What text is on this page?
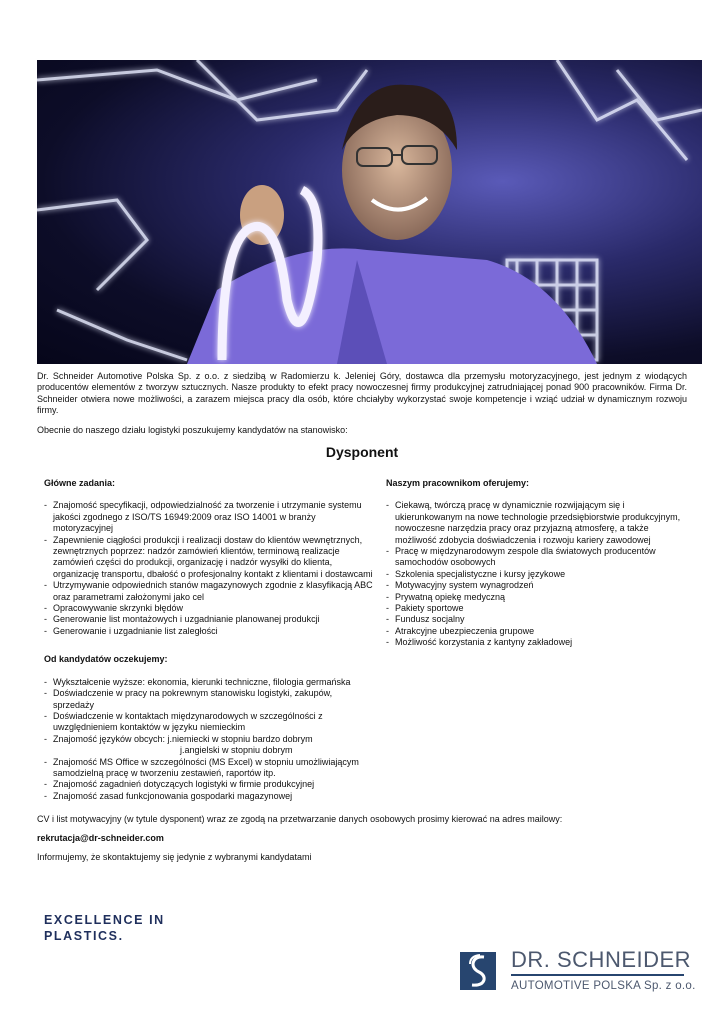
Dr. Schneider Automotive Polska Sp. z o.o. z siedzibą w Radomierzu k. Jeleniej Góry, dostawca dla przemysłu motoryzacyjnego, jest jednym z wiodących producentów elementów z tworzyw sztucznych. Nasze produkty to efekt pracy nowoczesnej firmy produkcyjnej zatrudniającej ponad 900 pracowników. Firma Dr. Schneider otwiera nowe możliwości, a zarazem miejsca pracy dla osób, które chciałyby wykorzystać swoje kompetencje i wziąć udział w dynamicznym rozwoju firmy.

Obecnie do naszego działu logistyki poszukujemy kandydatów na stanowisko:

Dysponent
Główne zadania:
- Znajomość specyfikacji, odpowiedzialność za tworzenie i utrzymanie systemu jakości zgodnego z ISO/TS 16949:2009 oraz ISO 14001 w branży motoryzacyjnej
- Zapewnienie ciągłości produkcji i realizacji dostaw do klientów wewnętrznych, zewnętrznych poprzez: nadzór zamówień klientów, terminową realizacje zamówień części do produkcji, organizację i nadzór wysyłki do klienta, organizację transportu, dbałość o profesjonalny kontakt z klientami i dostawcami
- Utrzymywanie odpowiednich stanów magazynowych zgodnie z klasyfikacją ABC oraz parametrami założonymi jako cel
- Opracowywanie skrzynki błędów
- Generowanie list montażowych i uzgadnianie planowanej produkcji
- Generowanie i uzgadnianie list zaległości
Od kandydatów oczekujemy:
- Wykształcenie wyższe: ekonomia, kierunki techniczne, filologia germańska
- Doświadczenie w pracy na pokrewnym stanowisku logistyki, zakupów, sprzedaży
- Doświadczenie w kontaktach międzynarodowych w szczególności z uwzględnieniem kontaktów w języku niemieckim
- Znajomość języków obcych: j.niemiecki w stopniu bardzo dobrym
j.angielski w stopniu dobrym
- Znajomość MS Office w szczególności (MS Excel) w stopniu umożliwiającym samodzielną pracę w tworzeniu zestawień, raportów itp.
- Znajomość zagadnień dotyczących logistyki w firmie produkcyjnej
- Znajomość zasad funkcjonowania gospodarki magazynowej
Naszym pracownikom oferujemy:
- Ciekawą, twórczą pracę w dynamicznie rozwijającym się i ukierunkowanym na nowe technologie przedsiębiorstwie produkcyjnym, nowoczesne narzędzia pracy oraz przyjazną atmosferę, a także możliwość zdobycia doświadczenia i rozwoju kariery zawodowej
- Pracę w międzynarodowym zespole dla światowych producentów samochodów osobowych
- Szkolenia specjalistyczne i kursy językowe
- Motywacyjny system wynagrodzeń
- Prywatną opiekę medyczną
- Pakiety sportowe
- Fundusz socjalny
- Atrakcyjne ubezpieczenia grupowe
- Możliwość korzystania z kantyny zakładowej

CV i list motywacyjny (w tytule dysponent) wraz ze zgodą na przetwarzanie danych osobowych prosimy kierować na adres mailowy:

rekrutacja@dr-schneider.com

Informujemy, że skontaktujemy się jedynie z wybranymi kandydatami

EXCELLENCE IN
PLASTICS.
DR. SCHNEIDER
AUTOMOTIVE POLSKA Sp. z o.o.
